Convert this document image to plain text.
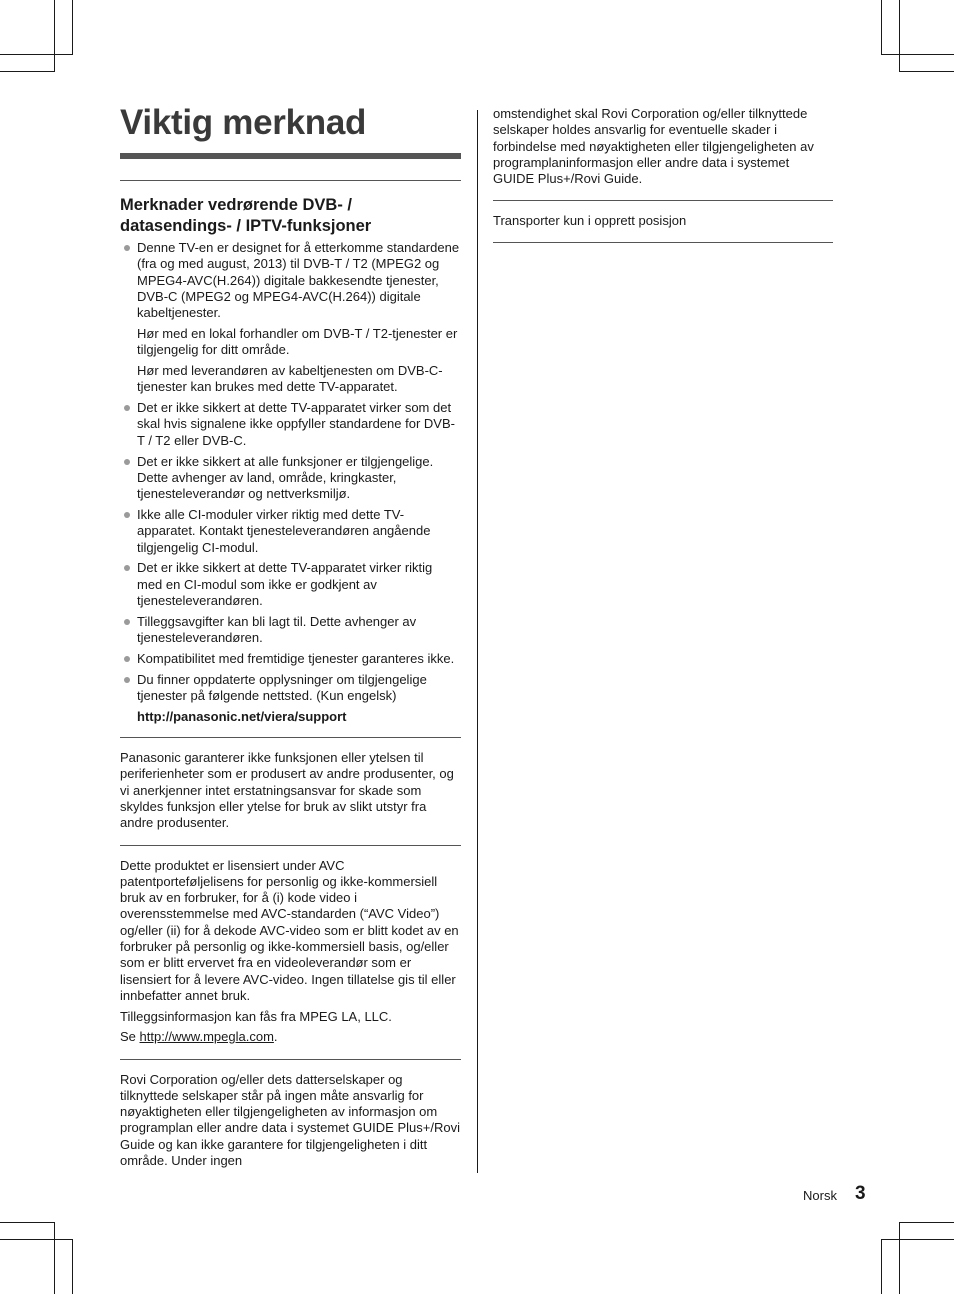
Viktig merknad
Merknader vedrørende DVB- /
datasendings- / IPTV-funksjoner
Denne TV-en er designet for å etterkomme standardene (fra og med august, 2013) til DVB-T / T2 (MPEG2 og MPEG4-AVC(H.264)) digitale bakkesendte tjenester, DVB-C (MPEG2 og MPEG4-AVC(H.264)) digitale kabeltjenester.

Hør med en lokal forhandler om DVB-T / T2-tjenester er tilgjengelig for ditt område.

Hør med leverandøren av kabeltjenesten om DVB-C-tjenester kan brukes med dette TV-apparatet.

Det er ikke sikkert at dette TV-apparatet virker som det skal hvis signalene ikke oppfyller standardene for DVB-T / T2 eller DVB-C.
Det er ikke sikkert at alle funksjoner er tilgjengelige. Dette avhenger av land, område, kringkaster, tjenesteleverandør og nettverksmiljø.
Ikke alle CI-moduler virker riktig med dette TV-apparatet. Kontakt tjenesteleverandøren angående tilgjengelig CI-modul.
Det er ikke sikkert at dette TV-apparatet virker riktig med en CI-modul som ikke er godkjent av tjenesteleverandøren.
Tilleggsavgifter kan bli lagt til. Dette avhenger av tjenesteleverandøren.
Kompatibilitet med fremtidige tjenester garanteres ikke.
Du finner oppdaterte opplysninger om tilgjengelige tjenester på følgende nettsted. (Kun engelsk)

http://panasonic.net/viera/support

Panasonic garanterer ikke funksjonen eller ytelsen til periferienheter som er produsert av andre produsenter, og vi anerkjenner intet erstatningsansvar for skade som skyldes funksjon eller ytelse for bruk av slikt utstyr fra andre produsenter.

Dette produktet er lisensiert under AVC patentporteføljelisens for personlig og ikke-kommersiell bruk av en forbruker, for å (i) kode video i overensstemmelse med AVC-standarden (“AVC Video”) og/eller (ii) for å dekode AVC-video som er blitt kodet av en forbruker på personlig og ikke-kommersiell basis, og/eller som er blitt ervervet fra en videoleverandør som er lisensiert for å levere AVC-video. Ingen tillatelse gis til eller innbefatter annet bruk.

Tilleggsinformasjon kan fås fra MPEG LA, LLC.

Se http://www.mpegla.com.

Rovi Corporation og/eller dets datterselskaper og tilknyttede selskaper står på ingen måte ansvarlig for nøyaktigheten eller tilgjengeligheten av informasjon om programplan eller andre data i systemet GUIDE Plus+/Rovi Guide og kan ikke garantere for tilgjengeligheten i ditt område. Under ingen

omstendighet skal Rovi Corporation og/eller tilknyttede selskaper holdes ansvarlig for eventuelle skader i forbindelse med nøyaktigheten eller tilgjengeligheten av programplaninformasjon eller andre data i systemet GUIDE Plus+/Rovi Guide.

Transporter kun i opprett posisjon

Norsk 3
